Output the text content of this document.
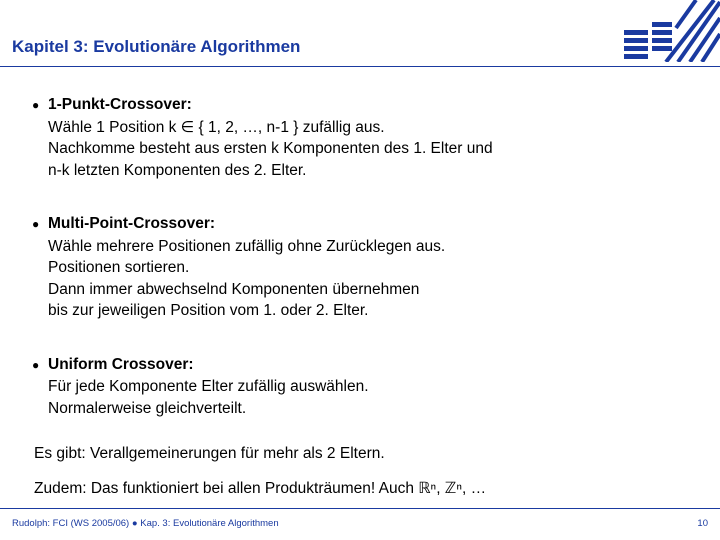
Kapitel 3: Evolutionäre Algorithmen
● 1-Punkt-Crossover:
Wähle 1 Position k ∈ { 1, 2, …, n-1 } zufällig aus.
Nachkomme besteht aus ersten k Komponenten des 1. Elter und
n-k letzten Komponenten des 2. Elter.
● Multi-Point-Crossover:
Wähle mehrere Positionen zufällig ohne Zurücklegen aus.
Positionen sortieren.
Dann immer abwechselnd Komponenten übernehmen
bis zur jeweiligen Position vom 1. oder 2. Elter.
● Uniform Crossover:
Für jede Komponente Elter zufällig auswählen.
Normalerweise gleichverteilt.
Es gibt: Verallgemeinerungen für mehr als 2 Eltern.
Zudem: Das funktioniert bei allen Produkträumen! Auch ℝⁿ, ℤⁿ, …
Rudolph: FCI (WS 2005/06) ● Kap. 3: Evolutionäre Algorithmen	10
